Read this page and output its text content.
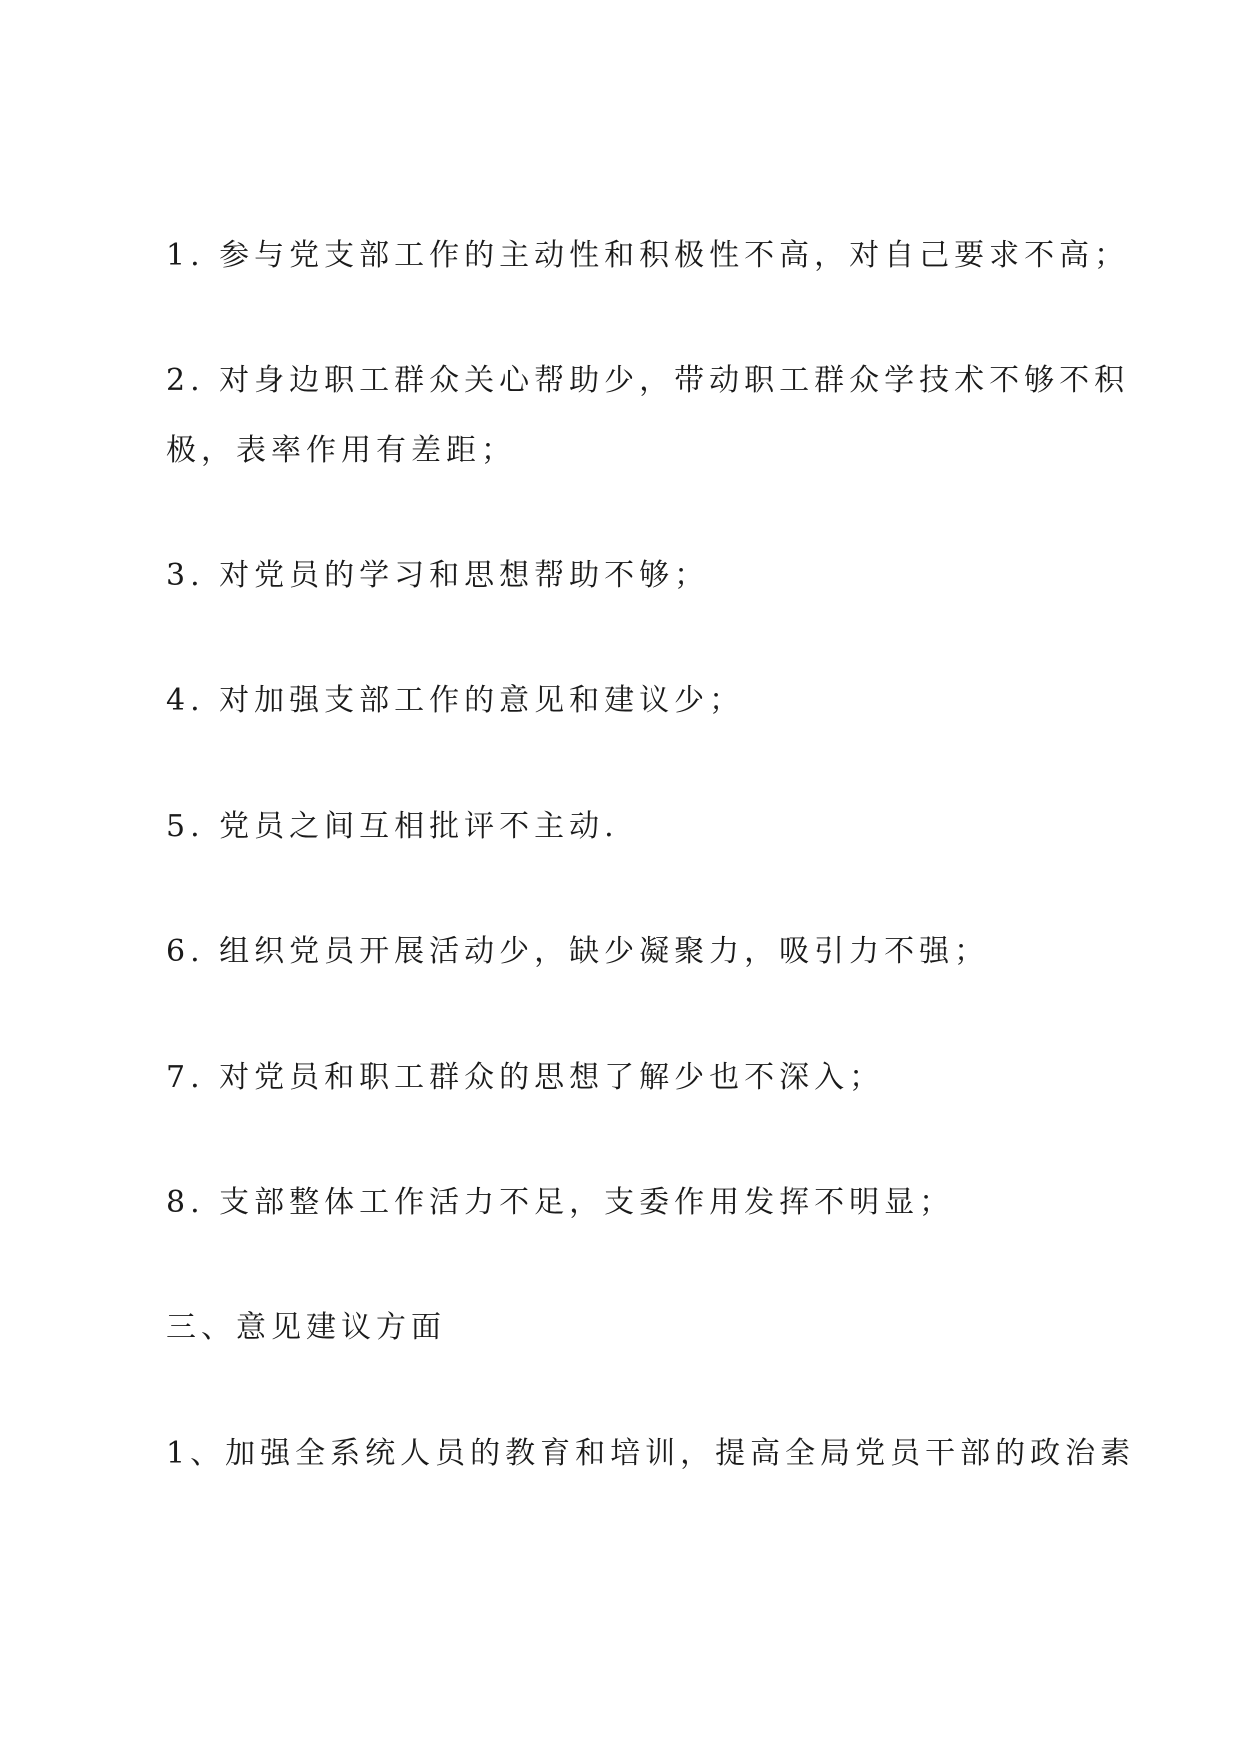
1. 参与党支部工作的主动性和积极性不高，对自己要求不高；

2. 对身边职工群众关心帮助少，带动职工群众学技术不够不积

极，表率作用有差距；

3. 对党员的学习和思想帮助不够；

4. 对加强支部工作的意见和建议少；

5. 党员之间互相批评不主动.

6. 组织党员开展活动少，缺少凝聚力，吸引力不强；

7. 对党员和职工群众的思想了解少也不深入；

8. 支部整体工作活力不足，支委作用发挥不明显；

三、意见建议方面

1、加强全系统人员的教育和培训，提高全局党员干部的政治素
